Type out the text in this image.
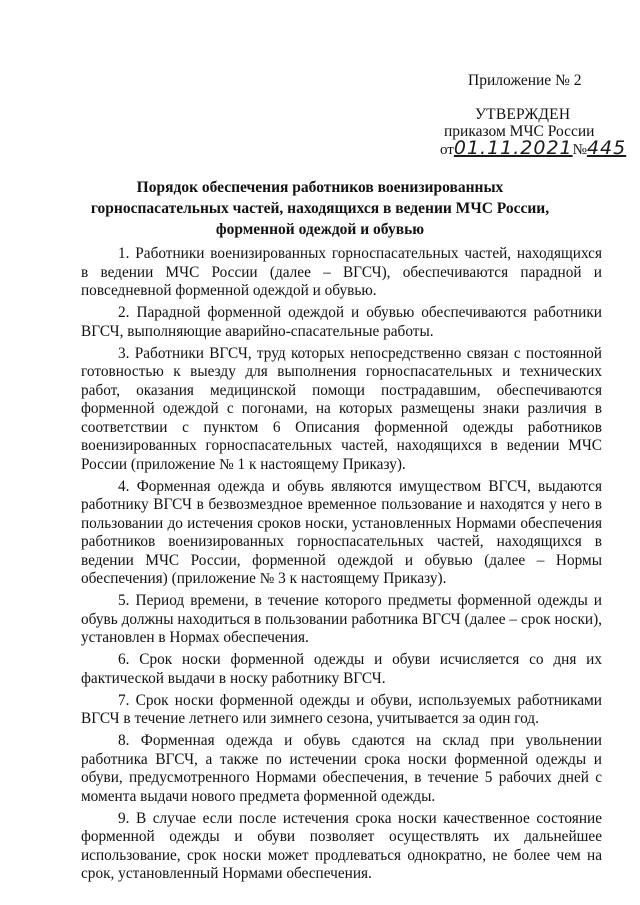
Приложение № 2
УТВЕРЖДЕН
приказом МЧС России
от01.11.2021№445
Порядок обеспечения работников военизированных горноспасательных частей, находящихся в ведении МЧС России, форменной одеждой и обувью

1. Работники военизированных горноспасательных частей, находящихся в ведении МЧС России (далее – ВГСЧ), обеспечиваются парадной и повседневной форменной одеждой и обувью.

2. Парадной форменной одеждой и обувью обеспечиваются работники ВГСЧ, выполняющие аварийно-спасательные работы.

3. Работники ВГСЧ, труд которых непосредственно связан с постоянной готовностью к выезду для выполнения горноспасательных и технических работ, оказания медицинской помощи пострадавшим, обеспечиваются форменной одеждой с погонами, на которых размещены знаки различия в соответствии с пунктом 6 Описания форменной одежды работников военизированных горноспасательных частей, находящихся в ведении МЧС России (приложение № 1 к настоящему Приказу).

4. Форменная одежда и обувь являются имуществом ВГСЧ, выдаются работнику ВГСЧ в безвозмездное временное пользование и находятся у него в пользовании до истечения сроков носки, установленных Нормами обеспечения работников военизированных горноспасательных частей, находящихся в ведении МЧС России, форменной одеждой и обувью (далее – Нормы обеспечения) (приложение № 3 к настоящему Приказу).

5. Период времени, в течение которого предметы форменной одежды и обувь должны находиться в пользовании работника ВГСЧ (далее – срок носки), установлен в Нормах обеспечения.

6. Срок носки форменной одежды и обуви исчисляется со дня их фактической выдачи в носку работнику ВГСЧ.

7. Срок носки форменной одежды и обуви, используемых работниками ВГСЧ в течение летнего или зимнего сезона, учитывается за один год.

8. Форменная одежда и обувь сдаются на склад при увольнении работника ВГСЧ, а также по истечении срока носки форменной одежды и обуви, предусмотренного Нормами обеспечения, в течение 5 рабочих дней с момента выдачи нового предмета форменной одежды.

9. В случае если после истечения срока носки качественное состояние форменной одежды и обуви позволяет осуществлять их дальнейшее использование, срок носки может продлеваться однократно, не более чем на срок, установленный Нормами обеспечения.
